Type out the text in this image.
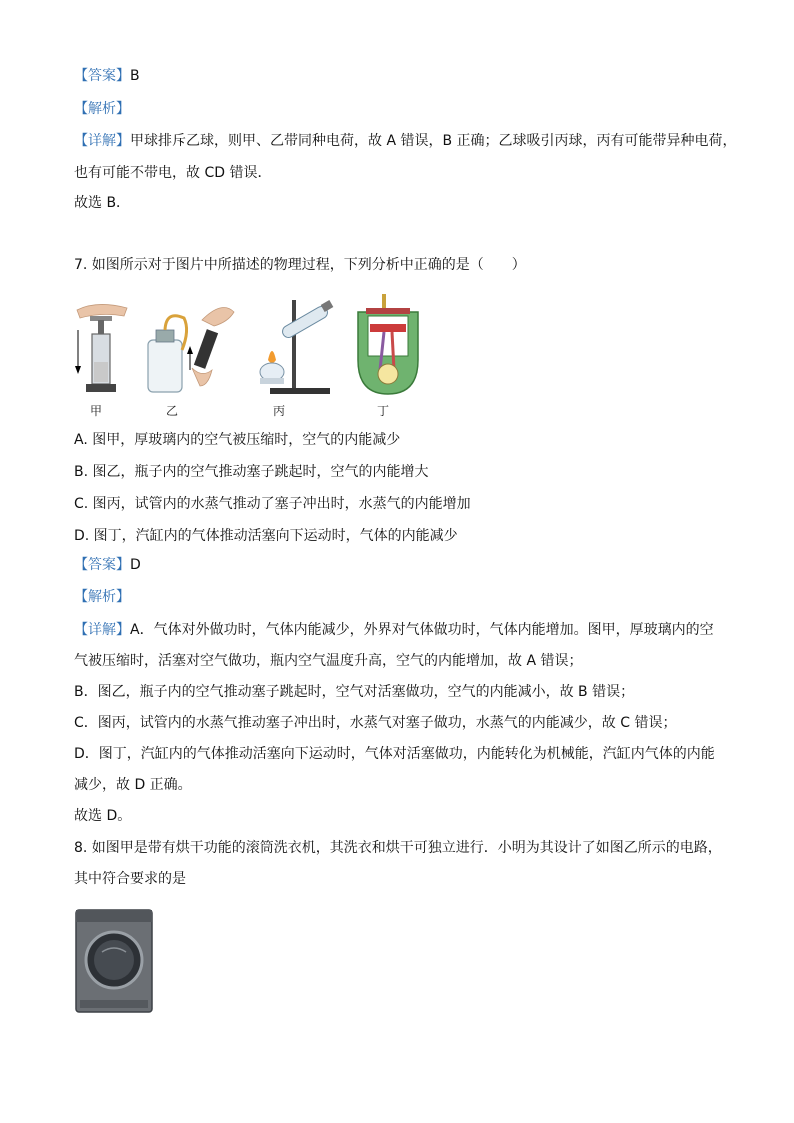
【答案】B
【解析】
【详解】甲球排斥乙球，则甲、乙带同种电荷，故 A 错误，B 正确；乙球吸引丙球，丙有可能带异种电荷，
也有可能不带电，故 CD 错误．
故选 B．
7. 如图所示对于图片中所描述的物理过程，下列分析中正确的是（　　）
甲	乙	丙	丁
A. 图甲，厚玻璃内的空气被压缩时，空气的内能减少
B. 图乙，瓶子内的空气推动塞子跳起时，空气的内能增大
C. 图丙，试管内的水蒸气推动了塞子冲出时，水蒸气的内能增加
D. 图丁，汽缸内的气体推动活塞向下运动时，气体的内能减少
【答案】D
【解析】
【详解】A．气体对外做功时，气体内能减少，外界对气体做功时，气体内能增加。图甲，厚玻璃内的空
气被压缩时，活塞对空气做功，瓶内空气温度升高，空气的内能增加，故 A 错误；
B．图乙，瓶子内的空气推动塞子跳起时，空气对活塞做功，空气的内能减小，故 B 错误；
C．图丙，试管内的水蒸气推动塞子冲出时，水蒸气对塞子做功，水蒸气的内能减少，故 C 错误；
D．图丁，汽缸内的气体推动活塞向下运动时，气体对活塞做功，内能转化为机械能，汽缸内气体的内能
减少，故 D 正确。
故选 D。
8. 如图甲是带有烘干功能的滚筒洗衣机，其洗衣和烘干可独立进行．小明为其设计了如图乙所示的电路，
其中符合要求的是
